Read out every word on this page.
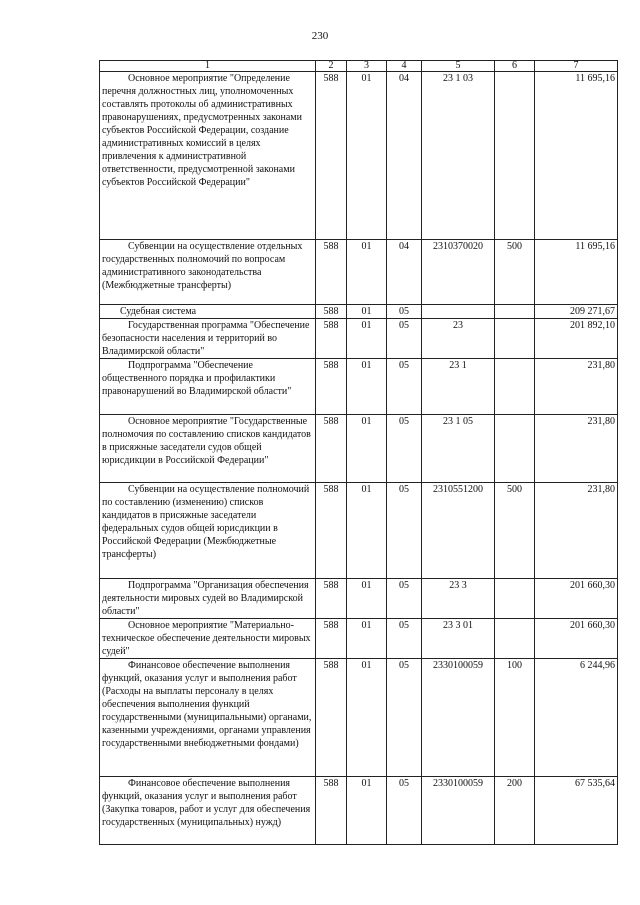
230
1	2	3	4	5	6	7
Основное мероприятие "Определение перечня должностных лиц, уполномоченных составлять протоколы об административных правонарушениях, предусмотренных законами субъектов Российской Федерации, создание административных комиссий в целях привлечения к административной ответственности, предусмотренной законами субъектов Российской Федерации"	588	01	04	23 1 03		11 695,16
Субвенции на осуществление отдельных государственных полномочий по вопросам административного законодательства (Межбюджетные трансферты)	588	01	04	2310370020	500	11 695,16
Судебная система	588	01	05			209 271,67
Государственная программа "Обеспечение безопасности населения и территорий во Владимирской области"	588	01	05	23		201 892,10
Подпрограмма "Обеспечение общественного порядка и профилактики правонарушений во Владимирской области"	588	01	05	23 1		231,80
Основное мероприятие "Государственные полномочия по составлению списков кандидатов в присяжные заседатели судов общей юрисдикции в Российской Федерации"	588	01	05	23 1 05		231,80
Субвенции на осуществление полномочий по составлению (изменению) списков кандидатов в присяжные заседатели федеральных судов общей юрисдикции в Российской Федерации (Межбюджетные трансферты)	588	01	05	2310551200	500	231,80
Подпрограмма "Организация обеспечения деятельности мировых судей во Владимирской области"	588	01	05	23 3		201 660,30
Основное мероприятие "Материально-техническое обеспечение деятельности мировых судей"	588	01	05	23 3 01		201 660,30
Финансовое обеспечение выполнения функций, оказания услуг и выполнения работ (Расходы на выплаты персоналу в целях обеспечения выполнения функций государственными (муниципальными) органами, казенными учреждениями, органами управления государственными внебюджетными фондами)	588	01	05	2330100059	100	6 244,96
Финансовое обеспечение выполнения функций, оказания услуг и выполнения работ (Закупка товаров, работ и услуг для обеспечения государственных (муниципальных) нужд)	588	01	05	2330100059	200	67 535,64
